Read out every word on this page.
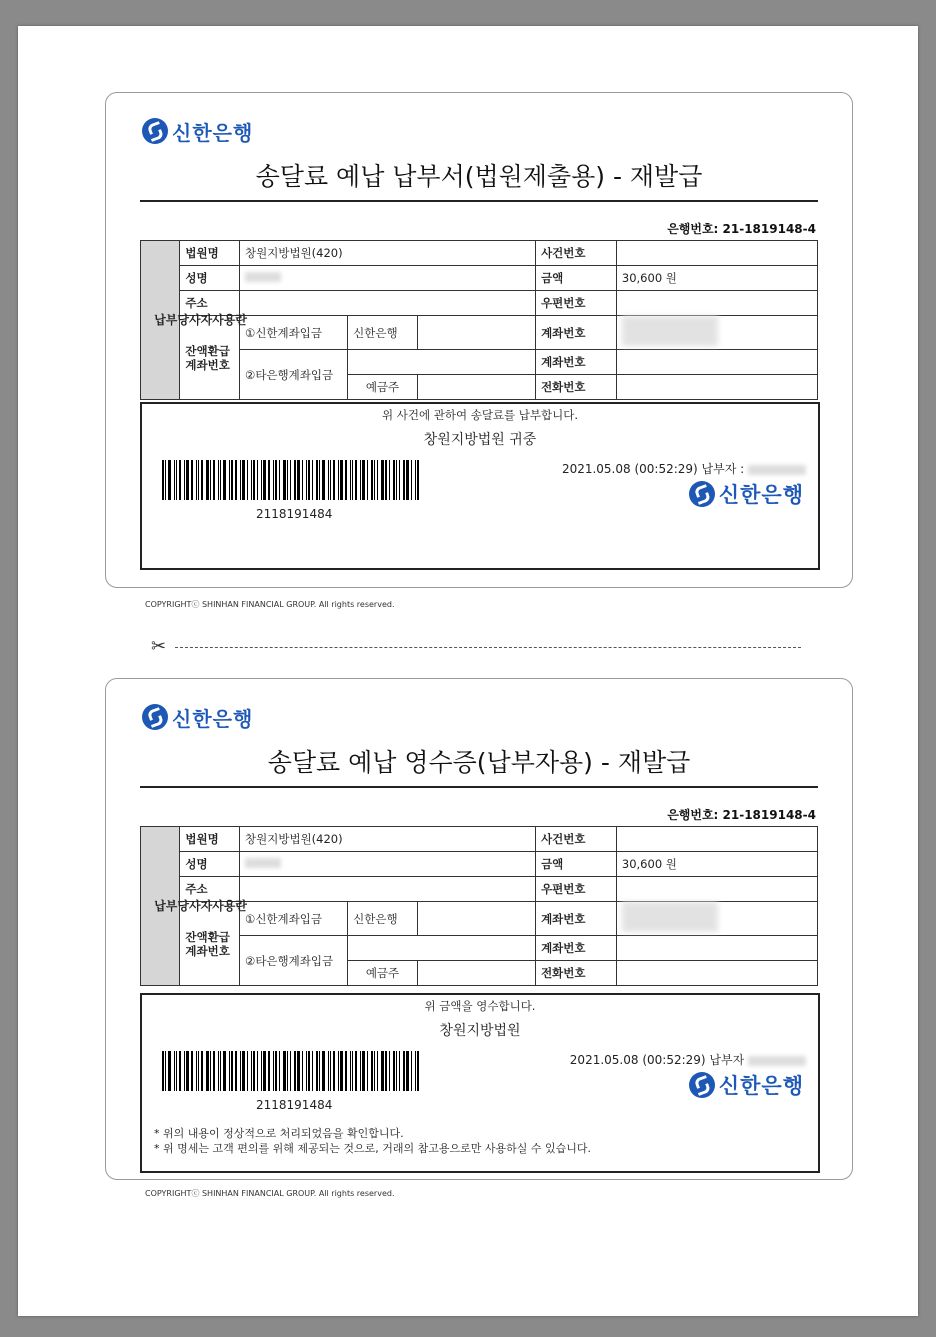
신한은행
송달료 예납 납부서(법원제출용) - 재발급
은행번호: 21-1819148-4
납부당사자사용란	법원명	창원지방법원(420)			사건번호	
	성명				금액	30,600 원
	주소				우편번호	
	잔액환급 계좌번호	①신한계좌입금	신한은행		계좌번호	
		②타은행계좌입금			계좌번호	
			예금주		전화번호	
위 사건에 관하여 송달료를 납부합니다.
창원지방법원 귀중
2118191484
2021.05.08 (00:52:29) 납부자 :
신한은행
COPYRIGHTⓒ SHINHAN FINANCIAL GROUP. All rights reserved.
✂
신한은행
송달료 예납 영수증(납부자용) - 재발급
은행번호: 21-1819148-4
납부당사자사용란	법원명	창원지방법원(420)			사건번호	
	성명				금액	30,600 원
	주소				우편번호	
	잔액환급 계좌번호	①신한계좌입금	신한은행		계좌번호	
		②타은행계좌입금			계좌번호	
			예금주		전화번호	
위 금액을 영수합니다.
창원지방법원
2118191484
2021.05.08 (00:52:29) 납부자
신한은행
* 위의 내용이 정상적으로 처리되었음을 확인합니다.
* 위 명세는 고객 편의를 위해 제공되는 것으로, 거래의 참고용으로만 사용하실 수 있습니다.
COPYRIGHTⓒ SHINHAN FINANCIAL GROUP. All rights reserved.
